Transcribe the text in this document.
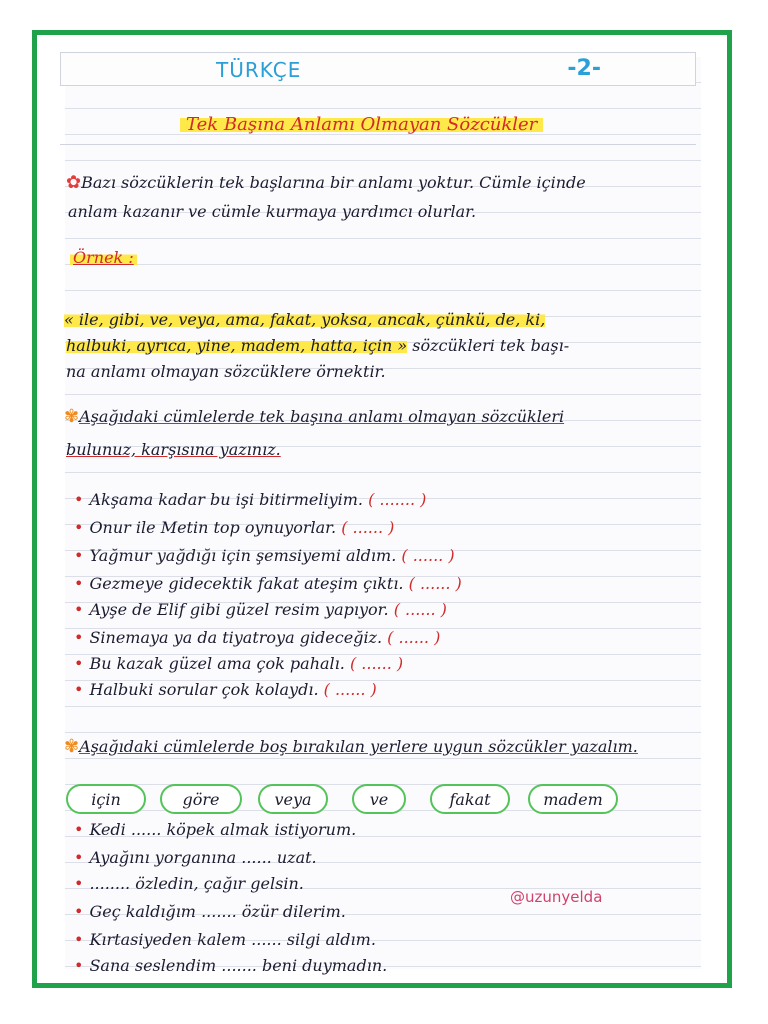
TÜRKÇE	-2-
Tek Başına Anlamı Olmayan Sözcükler
✿Bazı sözcüklerin tek başlarına bir anlamı yoktur. Cümle içinde
anlam kazanır ve cümle kurmaya yardımcı olurlar.
Örnek :
« ile, gibi, ve, veya, ama, fakat, yoksa, ancak, çünkü, de, ki,
halbuki, ayrıca, yine, madem, hatta, için » sözcükleri tek başı-
na anlamı olmayan sözcüklere örnektir.
✾Aşağıdaki cümlelerde tek başına anlamı olmayan sözcükleri
bulunuz, karşısına yazınız.
• Akşama kadar bu işi bitirmeliyim. ( ....... )
• Onur ile Metin top oynuyorlar. ( ...... )
• Yağmur yağdığı için şemsiyemi aldım. ( ...... )
• Gezmeye gidecektik fakat ateşim çıktı. ( ...... )
• Ayşe de Elif gibi güzel resim yapıyor. ( ...... )
• Sinemaya ya da tiyatroya gideceğiz. ( ...... )
• Bu kazak güzel ama çok pahalı. ( ...... )
• Halbuki sorular çok kolaydı. ( ...... )
✾Aşağıdaki cümlelerde boş bırakılan yerlere uygun sözcükler yazalım.
için	göre	veya	ve	fakat	madem
• Kedi ...... köpek almak istiyorum.
• Ayağını yorganına ...... uzat.
• ........ özledin, çağır gelsin.
• Geç kaldığım ....... özür dilerim.
• Kırtasiyeden kalem ...... silgi aldım.
• Sana seslendim ....... beni duymadın.
@uzunyelda
